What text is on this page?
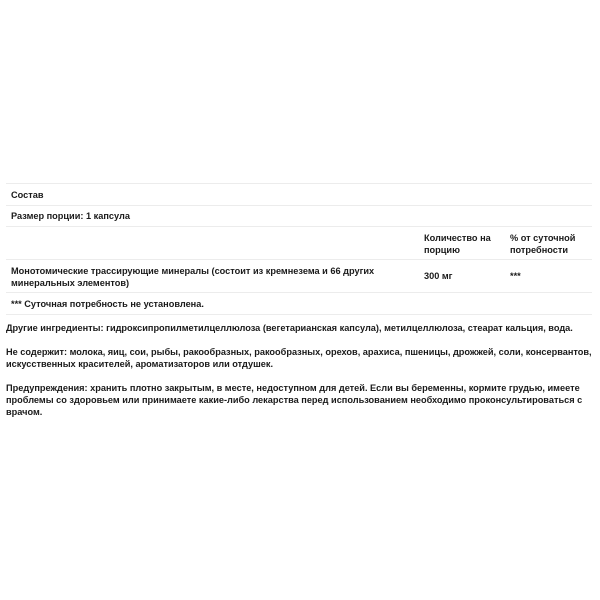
Состав
Размер порции: 1 капсула
Количество на порцию
% от суточной потребности
Монотомические трассирующие минералы (состоит из кремнезема и 66 других минеральных элементов)
300 мг	***
*** Суточная потребность не установлена.
Другие ингредиенты: гидроксипропилметилцеллюлоза (вегетарианская капсула), метилцеллюлоза, стеарат кальция, вода.
Не содержит: молока, яиц, сои, рыбы, ракообразных, ракообразных, орехов, арахиса, пшеницы, дрожжей, соли, консервантов, искусственных красителей, ароматизаторов или отдушек.
Предупреждения: хранить плотно закрытым, в месте, недоступном для детей. Если вы беременны, кормите грудью, имеете проблемы со здоровьем или принимаете какие-либо лекарства перед использованием необходимо проконсультироваться с врачом.
